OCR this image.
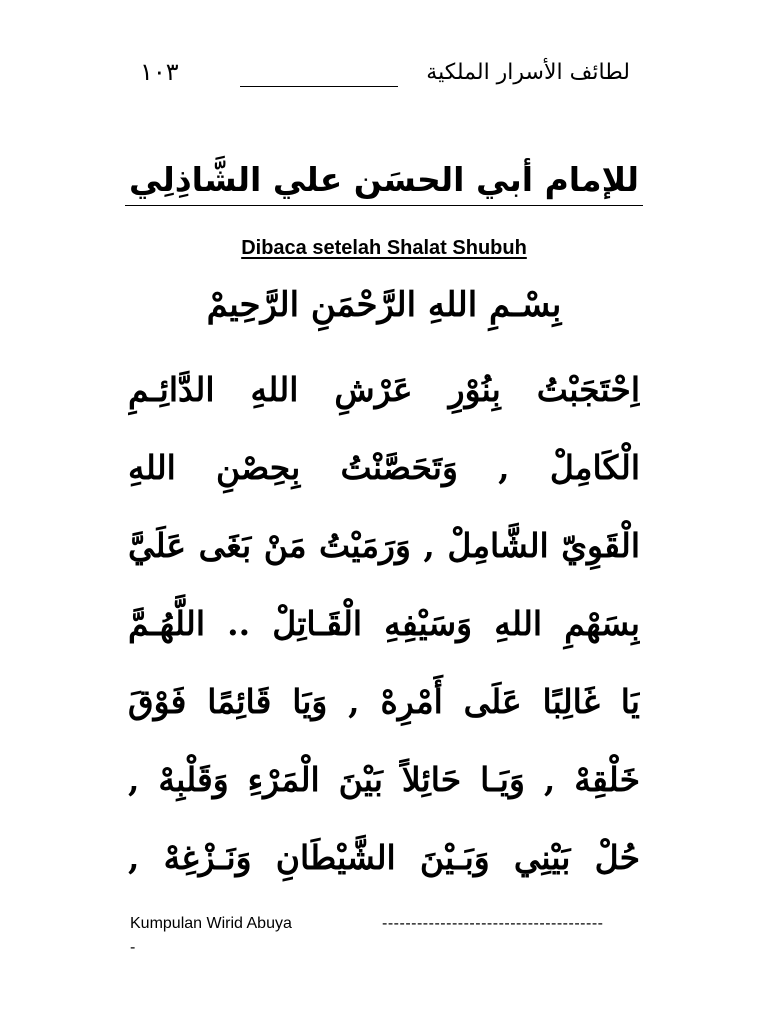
١٠٣	لطائف الأسرار الملكية
للإمام أبي الحسَن علي الشَّاذِلِي
Dibaca setelah Shalat Shubuh
بِسْـمِ اللهِ الرَّحْمَنِ الرَّحِيمْ
اِحْتَجَبْتُ بِنُوْرِ عَرْشِ اللهِ الدَّائِـمِ
الْكَامِلْ , وَتَحَصَّنْتُ بِحِصْنِ اللهِ
الْقَوِيّ الشَّامِلْ , وَرَمَيْتُ مَنْ بَغَى عَلَيَّ
بِسَهْمِ اللهِ وَسَيْفِهِ الْقَـاتِلْ .. اللَّهُـمَّ
يَا غَالِبًا عَلَى أَمْرِهْ , وَيَا قَائِمًا فَوْقَ
خَلْقِهْ , وَيَـا حَائِلاً بَيْنَ الْمَرْءِ وَقَلْبِهْ ,
حُلْ بَيْنِي وَبَـيْنَ الشَّيْطَانِ وَنَـزْغِهْ ,
Kumpulan Wirid Abuya	--------------------------------------
-
